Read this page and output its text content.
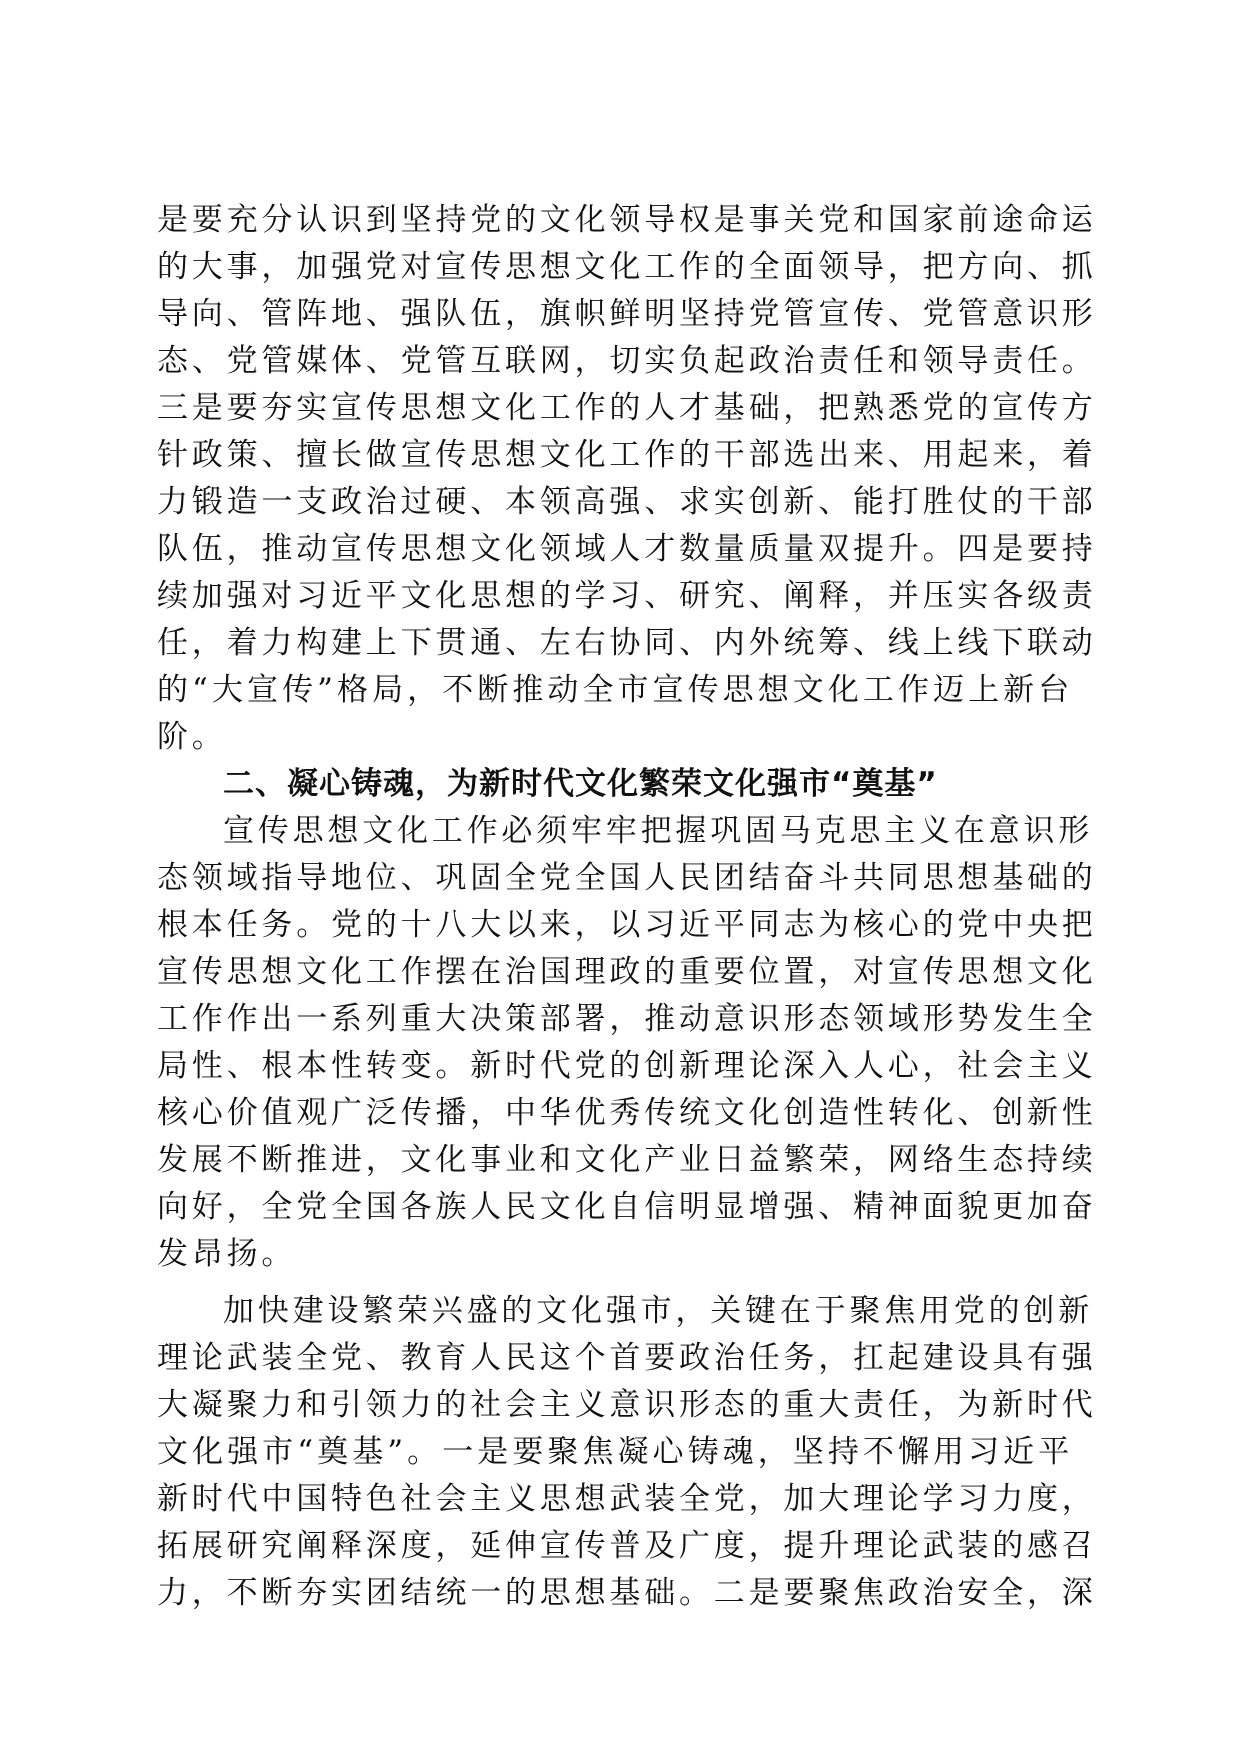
是要充分认识到坚持党的文化领导权是事关党和国家前途命运
的大事，加强党对宣传思想文化工作的全面领导，把方向、抓
导向、管阵地、强队伍，旗帜鲜明坚持党管宣传、党管意识形
态、党管媒体、党管互联网，切实负起政治责任和领导责任。
三是要夯实宣传思想文化工作的人才基础，把熟悉党的宣传方
针政策、擅长做宣传思想文化工作的干部选出来、用起来，着
力锻造一支政治过硬、本领高强、求实创新、能打胜仗的干部
队伍，推动宣传思想文化领域人才数量质量双提升。四是要持
续加强对习近平文化思想的学习、研究、阐释，并压实各级责
任，着力构建上下贯通、左右协同、内外统筹、线上线下联动
的“大宣传”格局，不断推动全市宣传思想文化工作迈上新台
阶。
二、凝心铸魂，为新时代文化繁荣文化强市“奠基”
宣传思想文化工作必须牢牢把握巩固马克思主义在意识形
态领域指导地位、巩固全党全国人民团结奋斗共同思想基础的
根本任务。党的十八大以来，以习近平同志为核心的党中央把
宣传思想文化工作摆在治国理政的重要位置，对宣传思想文化
工作作出一系列重大决策部署，推动意识形态领域形势发生全
局性、根本性转变。新时代党的创新理论深入人心，社会主义
核心价值观广泛传播，中华优秀传统文化创造性转化、创新性
发展不断推进，文化事业和文化产业日益繁荣，网络生态持续
向好，全党全国各族人民文化自信明显增强、精神面貌更加奋
发昂扬。
加快建设繁荣兴盛的文化强市，关键在于聚焦用党的创新
理论武装全党、教育人民这个首要政治任务，扛起建设具有强
大凝聚力和引领力的社会主义意识形态的重大责任，为新时代
文化强市“奠基”。一是要聚焦凝心铸魂，坚持不懈用习近平
新时代中国特色社会主义思想武装全党，加大理论学习力度，
拓展研究阐释深度，延伸宣传普及广度，提升理论武装的感召
力，不断夯实团结统一的思想基础。二是要聚焦政治安全，深
